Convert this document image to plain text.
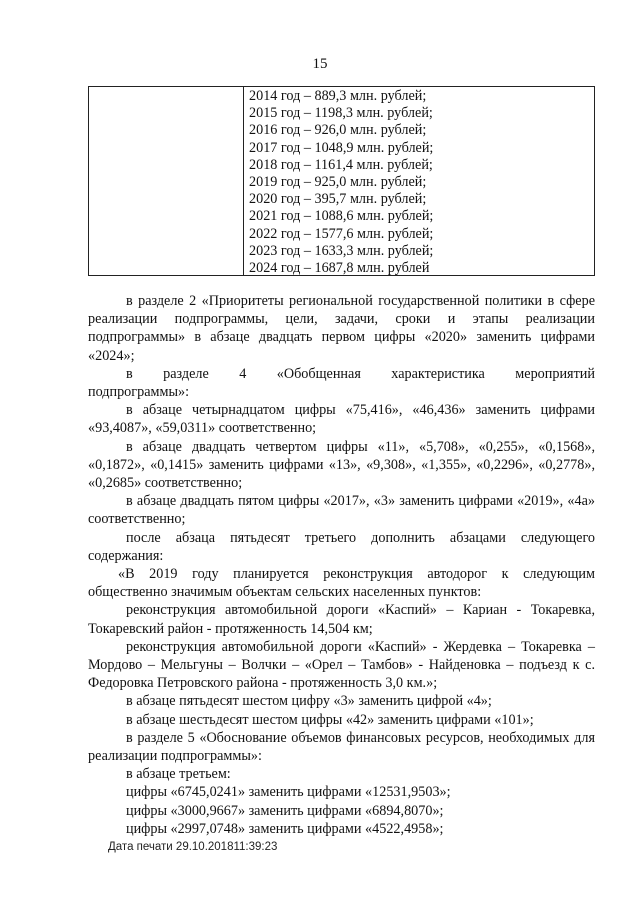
15
2014 год – 889,3 млн. рублей;
2015 год – 1198,3 млн. рублей;
2016 год – 926,0 млн. рублей;
2017 год – 1048,9 млн. рублей;
2018 год – 1161,4 млн. рублей;
2019 год – 925,0 млн. рублей;
2020 год – 395,7 млн. рублей;
2021 год – 1088,6 млн. рублей;
2022 год – 1577,6 млн. рублей;
2023 год – 1633,3 млн. рублей;
2024 год – 1687,8 млн. рублей
в разделе 2 «Приоритеты региональной государственной политики в сфере реализации подпрограммы, цели, задачи, сроки и этапы реализации подпрограммы» в абзаце двадцать первом цифры «2020» заменить цифрами «2024»;
в разделе 4 «Обобщенная характеристика мероприятий
подпрограммы»:
в абзаце четырнадцатом цифры «75,416», «46,436» заменить цифрами «93,4087», «59,0311» соответственно;
в абзаце двадцать четвертом цифры «11», «5,708», «0,255», «0,1568», «0,1872», «0,1415» заменить цифрами «13», «9,308», «1,355», «0,2296», «0,2778», «0,2685» соответственно;
в абзаце двадцать пятом цифры «2017», «3» заменить цифрами «2019», «4а» соответственно;
после абзаца пятьдесят третьего дополнить абзацами следующего содержания:
«В 2019 году планируется реконструкция автодорог к следующим общественно значимым объектам сельских населенных пунктов:
реконструкция автомобильной дороги «Каспий» – Кариан - Токаревка, Токаревский район - протяженность 14,504 км;
реконструкция автомобильной дороги «Каспий» - Жердевка – Токаревка – Мордово – Мельгуны – Волчки – «Орел – Тамбов» - Найденовка – подъезд к с. Федоровка Петровского района - протяженность 3,0 км.»;
в абзаце пятьдесят шестом цифру «3» заменить цифрой «4»;
в абзаце шестьдесят шестом цифры «42» заменить цифрами «101»;
в разделе 5 «Обоснование объемов финансовых ресурсов, необходимых для реализации подпрограммы»:
в абзаце третьем:
цифры «6745,0241» заменить цифрами «12531,9503»;
цифры «3000,9667» заменить цифрами «6894,8070»;
цифры «2997,0748» заменить цифрами «4522,4958»;
Дата печати 29.10.201811:39:23
